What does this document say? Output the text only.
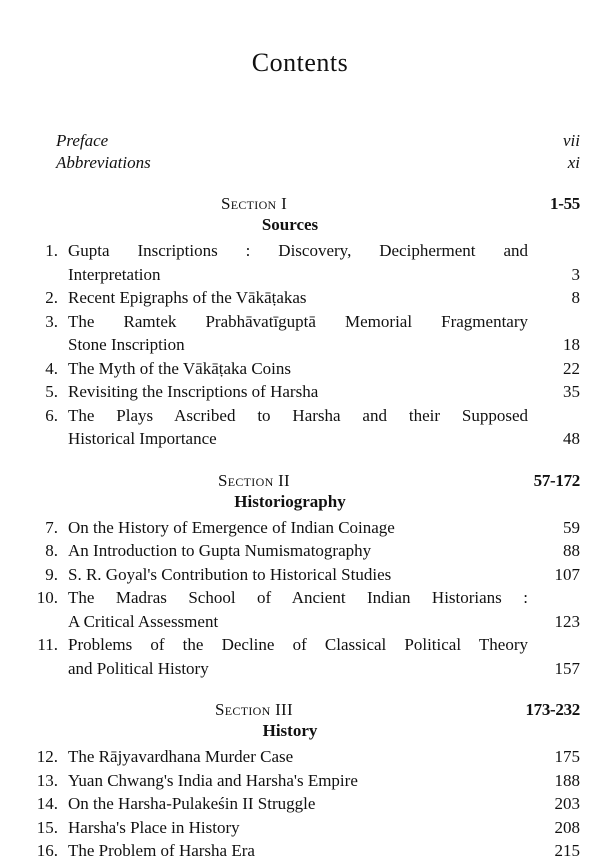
Contents
Preface	vii
Abbreviations	xi
Section I	1-55
Sources
1. Gupta Inscriptions : Discovery, Decipherment and
Interpretation	3
2. Recent Epigraphs of the Vākāṭakas	8
3. The Ramtek Prabhāvatīguptā Memorial Fragmentary
Stone Inscription	18
4. The Myth of the Vākāṭaka Coins	22
5. Revisiting the Inscriptions of Harsha	35
6. The Plays Ascribed to Harsha and their Supposed
Historical Importance	48
Section II	57-172
Historiography
7. On the History of Emergence of Indian Coinage	59
8. An Introduction to Gupta Numismatography	88
9. S. R. Goyal's Contribution to Historical Studies	107
10. The Madras School of Ancient Indian Historians :
A Critical Assessment	123
11. Problems of the Decline of Classical Political Theory
and Political History	157
Section III	173-232
History
12. The Rājyavardhana Murder Case	175
13. Yuan Chwang's India and Harsha's Empire	188
14. On the Harsha-Pulakeśin II Struggle	203
15. Harsha's Place in History	208
16. The Problem of Harsha Era	215
